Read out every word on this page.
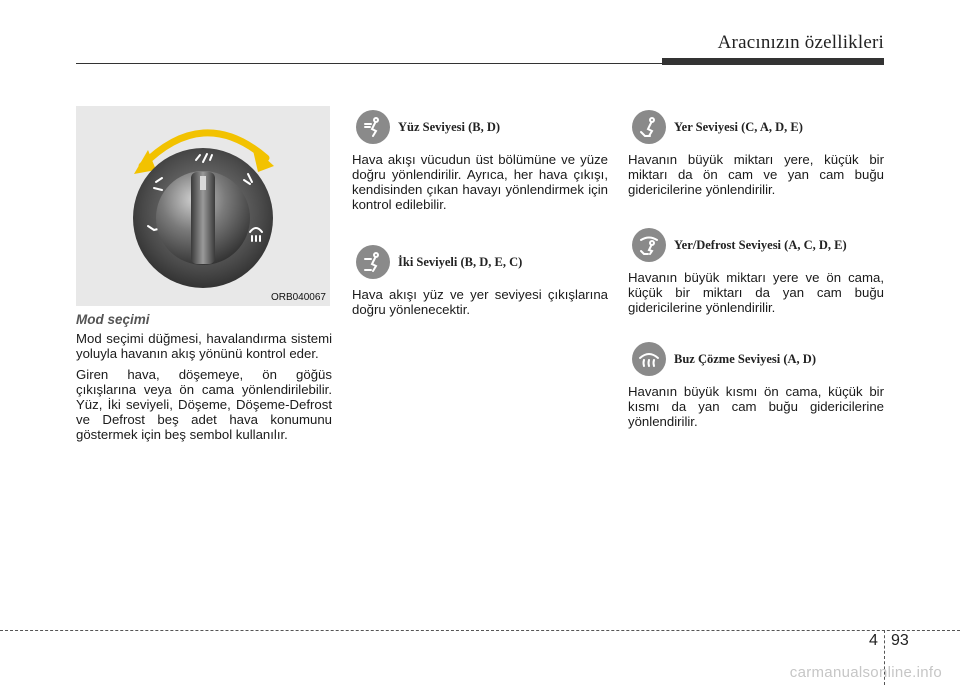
Aracınızın özellikleri
ORB040067

Mod seçimi

Mod seçimi düğmesi, havalandırma sistemi yoluyla havanın akış yönünü kontrol eder.

Giren hava, döşemeye, ön göğüs çıkışlarına veya ön cama yönlendirilebilir. Yüz, İki seviyeli, Döşeme, Döşeme-Defrost ve Defrost beş adet hava konumunu göstermek için beş sembol kullanılır.

Yüz Seviyesi (B, D)

Hava akışı vücudun üst bölümüne ve yüze doğru yönlendirilir. Ayrıca, her hava çıkışı, kendisinden çıkan havayı yönlendirmek için kontrol edilebilir.

İki Seviyeli (B, D, E, C)

Hava akışı yüz ve yer seviyesi çıkışlarına doğru yönlenecektir.

Yer Seviyesi (C, A, D, E)

Havanın büyük miktarı yere, küçük bir miktarı da ön cam ve yan cam buğu gidericilerine yönlendirilir.

Yer/Defrost Seviyesi (A, C, D, E)

Havanın büyük miktarı yere ve ön cama, küçük bir miktarı da yan cam buğu gidericilerine yönlendirilir.

Buz Çözme Seviyesi (A, D)

Havanın büyük kısmı ön cama, küçük bir kısmı da yan cam buğu gidericilerine yönlendirilir.

4 93
carmanualsonline.info
